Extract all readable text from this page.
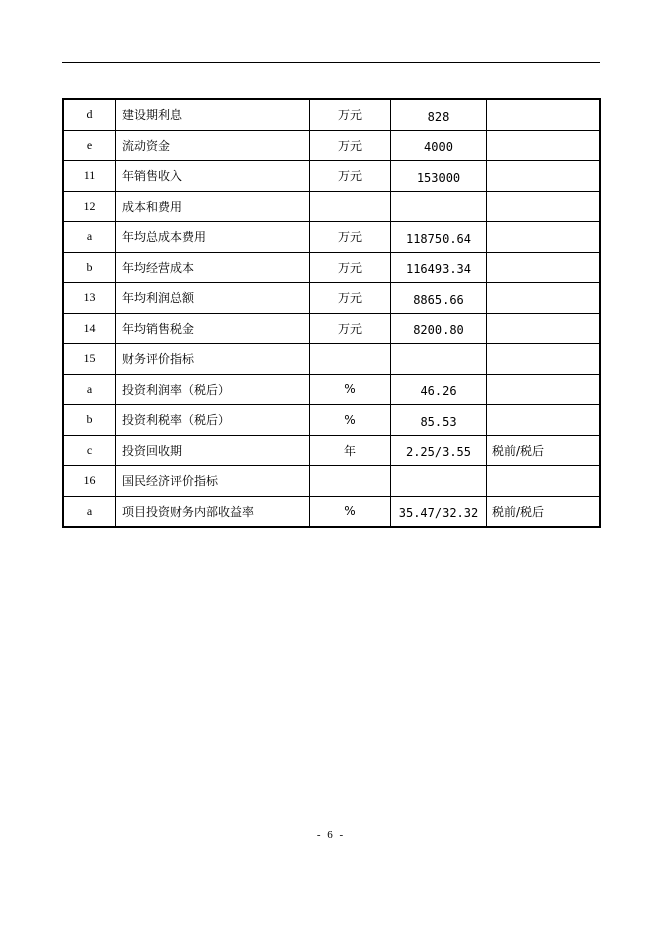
d	建设期利息	万元	828	
e	流动资金	万元	4000	
11	年销售收入	万元	153000	
12	成本和费用			
a	年均总成本费用	万元	118750.64	
b	年均经营成本	万元	116493.34	
13	年均利润总额	万元	8865.66	
14	年均销售税金	万元	8200.80	
15	财务评价指标			
a	投资利润率（税后）	%	46.26	
b	投资利税率（税后）	%	85.53	
c	投资回收期	年	2.25/3.55	税前/税后
16	国民经济评价指标			
a	项目投资财务内部收益率	%	35.47/32.32	税前/税后
- 6 -
